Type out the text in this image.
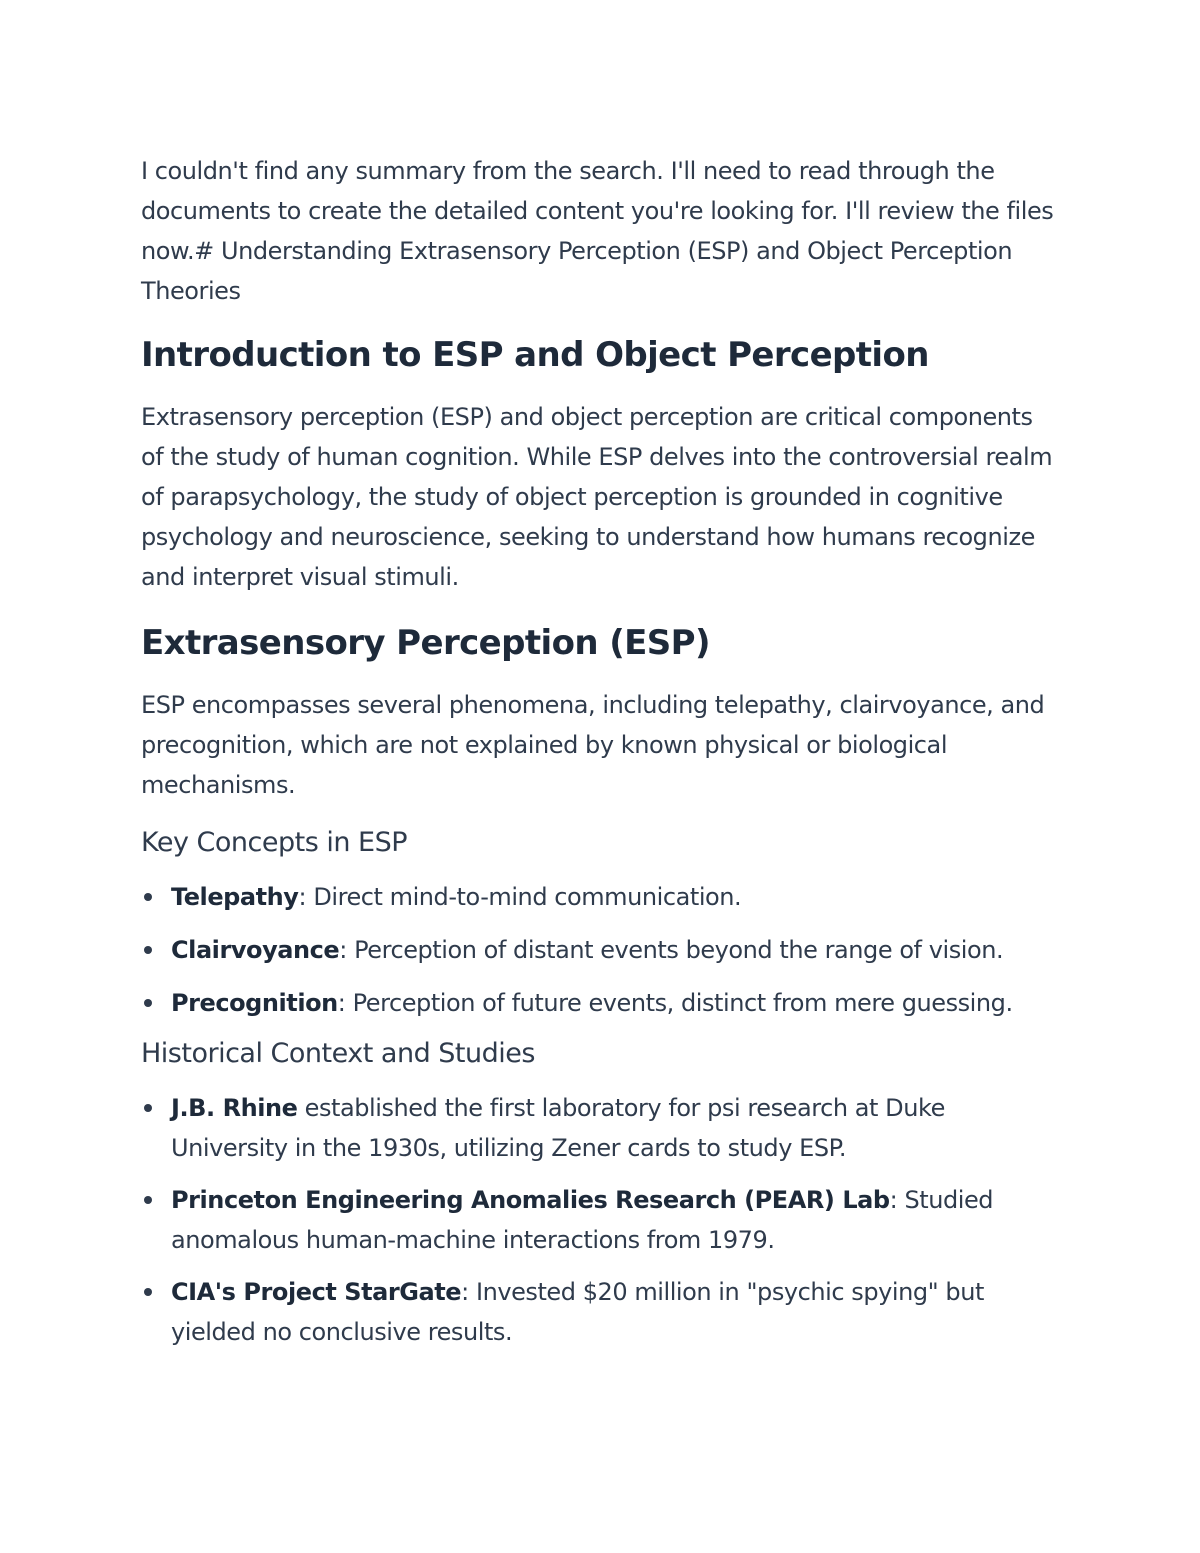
I couldn't find any summary from the search. I'll need to read through the documents to create the detailed content you're looking for. I'll review the files now.# Understanding Extrasensory Perception (ESP) and Object Perception Theories

Introduction to ESP and Object Perception

Extrasensory perception (ESP) and object perception are critical components of the study of human cognition. While ESP delves into the controversial realm of parapsychology, the study of object perception is grounded in cognitive psychology and neuroscience, seeking to understand how humans recognize and interpret visual stimuli.

Extrasensory Perception (ESP)

ESP encompasses several phenomena, including telepathy, clairvoyance, and precognition, which are not explained by known physical or biological mechanisms.

Key Concepts in ESP
Telepathy: Direct mind-to-mind communication.
Clairvoyance: Perception of distant events beyond the range of vision.
Precognition: Perception of future events, distinct from mere guessing.
Historical Context and Studies
J.B. Rhine established the first laboratory for psi research at Duke University in the 1930s, utilizing Zener cards to study ESP.
Princeton Engineering Anomalies Research (PEAR) Lab: Studied anomalous human-machine interactions from 1979.
CIA's Project StarGate: Invested $20 million in "psychic spying" but yielded no conclusive results.
